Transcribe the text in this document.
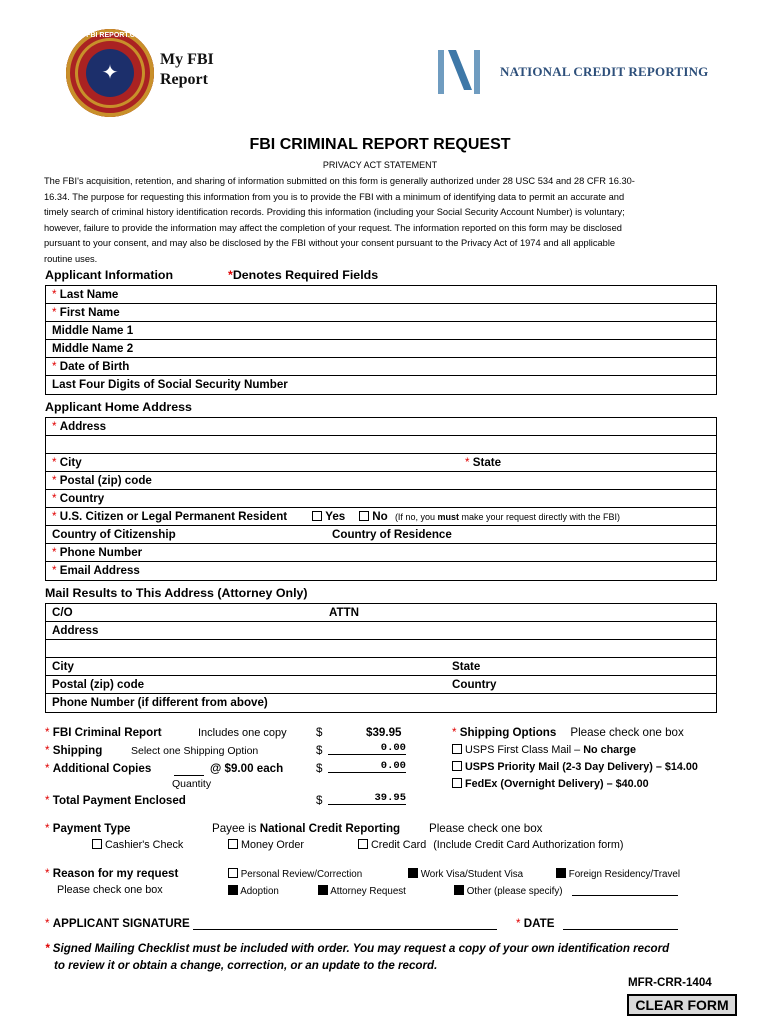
MY FBI REPORT.COM
✦
My FBI
Report	NATIONAL CREDIT REPORTING
FBI CRIMINAL REPORT REQUEST
PRIVACY ACT STATEMENT
The FBI's acquisition, retention, and sharing of information submitted on this form is generally authorized under 28 USC 534 and 28 CFR 16.30-
16.34. The purpose for requesting this information from you is to provide the FBI with a minimum of identifying data to permit an accurate and
timely search of criminal history identification records. Providing this information (including your Social Security Account Number) is voluntary;
however, failure to provide the information may affect the completion of your request. The information reported on this form may be disclosed
pursuant to your consent, and may also be disclosed by the FBI without your consent pursuant to the Privacy Act of 1974 and all applicable
routine uses.
Applicant Information	*Denotes Required Fields
* Last Name
* First Name
Middle Name 1
Middle Name 2
* Date of Birth
Last Four Digits of Social Security Number
Applicant Home Address
* Address
* City	* State
* Postal (zip) code
* Country
* U.S. Citizen or Legal Permanent Resident	Yes	No (If no, you must make your request directly with the FBI)
Country of Citizenship	Country of Residence
* Phone Number
* Email Address
Mail Results to This Address (Attorney Only)
C/O	ATTN
Address
City	State
Postal (zip) code	Country
Phone Number (if different from above)
* FBI Criminal Report	Includes one copy	$	$39.95
* Shipping	Select one Shipping Option	$	0.00
* Additional Copies	@ $9.00 each	$	0.00
Quantity
* Total Payment Enclosed	$	39.95
* Shipping Options Please check one box
USPS First Class Mail – No charge
USPS Priority Mail (2-3 Day Delivery) – $14.00
FedEx (Overnight Delivery) – $40.00
* Payment Type	Payee is National Credit Reporting Please check one box
Cashier's Check	Money Order	Credit Card (Include Credit Card Authorization form)
* Reason for my request
Please check one box
Personal Review/Correction	Work Visa/Student Visa	Foreign Residency/Travel
Adoption	Attorney Request	Other (please specify)
* APPLICANT SIGNATURE	* DATE
* Signed Mailing Checklist must be included with order. You may request a copy of your own identification record
to review it or obtain a change, correction, or an update to the record.
MFR-CRR-1404
CLEAR FORM
